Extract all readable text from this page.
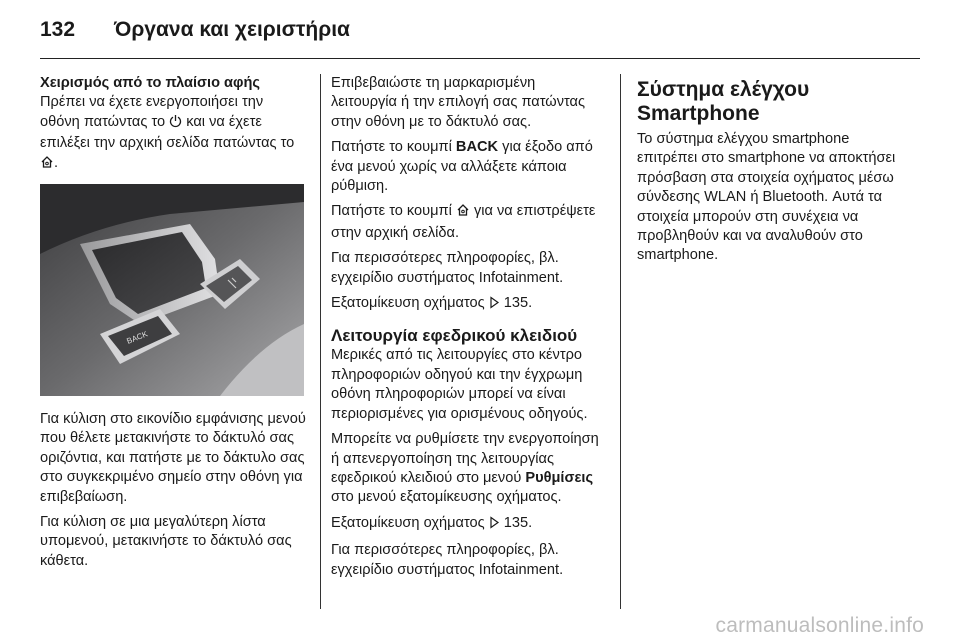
132	Όργανα και χειριστήρια

Χειρισμός από το πλαίσιο αφής

Πρέπει να έχετε ενεργοποιήσει την οθόνη πατώντας το και να έχετε επιλέξει την αρχική σελίδα πατώντας το .

BACK

Για κύλιση στο εικονίδιο εμφάνισης μενού που θέλετε μετακινήστε το δάκτυλό σας οριζόντια, και πατήστε με το δάκτυλο σας στο συγκεκριμένο σημείο στην οθόνη για επιβεβαίωση.

Για κύλιση σε μια μεγαλύτερη λίστα υπομενού, μετακινήστε το δάκτυλό σας κάθετα.

Επιβεβαιώστε τη μαρκαρισμένη λειτουργία ή την επιλογή σας πατώντας στην οθόνη με το δάκτυλό σας.

Πατήστε το κουμπί BACK για έξοδο από ένα μενού χωρίς να αλλάξετε κάποια ρύθμιση.

Πατήστε το κουμπί για να επιστρέψετε στην αρχική σελίδα.

Για περισσότερες πληροφορίες, βλ. εγχειρίδιο συστήματος Infotainment.

Εξατομίκευση οχήματος 135.

Λειτουργία εφεδρικού κλειδιού

Μερικές από τις λειτουργίες στο κέντρο πληροφοριών οδηγού και την έγχρωμη οθόνη πληροφοριών μπορεί να είναι περιορισμένες για ορισμένους οδηγούς.

Μπορείτε να ρυθμίσετε την ενεργοποίηση ή απενεργοποίηση της λειτουργίας εφεδρικού κλειδιού στο μενού Ρυθμίσεις στο μενού εξατομίκευσης οχήματος.

Εξατομίκευση οχήματος 135.

Για περισσότερες πληροφορίες, βλ. εγχειρίδιο συστήματος Infotainment.

Σύστημα ελέγχου Smartphone

Το σύστημα ελέγχου smartphone επιτρέπει στο smartphone να αποκτήσει πρόσβαση στα στοιχεία οχήματος μέσω σύνδεσης WLAN ή Bluetooth. Αυτά τα στοιχεία μπορούν στη συνέχεια να προβληθούν και να αναλυθούν στο smartphone.

carmanualsonline.info
